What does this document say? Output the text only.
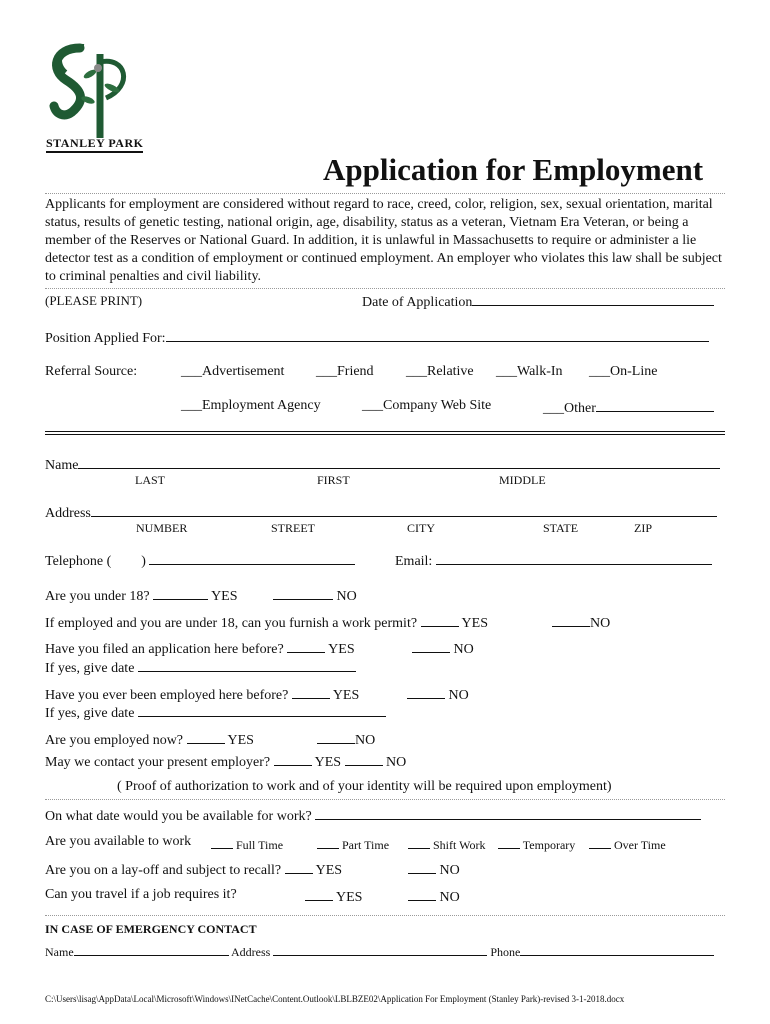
STANLEY PARK
Application for Employment
Applicants for employment are considered without regard to race, creed, color, religion, sex, sexual orientation, marital status, results of genetic testing, national origin, age, disability, status as a veteran, Vietnam Era Veteran, or being a member of the Reserves or National Guard. In addition, it is unlawful in Massachusetts to require or administer a lie detector test as a condition of employment or continued employment. An employer who violates this law shall be subject to criminal penalties and civil liability.
(PLEASE PRINT)	Date of Application
Position Applied For:
Referral Source:	___Advertisement ___Friend ___Relative ___Walk-In ___On-Line
___Employment Agency	___Company Web Site	___Other
Name
LAST	FIRST	MIDDLE
Address
NUMBER	STREET	CITY	STATE	ZIP
Telephone ( )	Email:
Are you under 18?	YES	NO
If employed and you are under 18, can you furnish a work permit?	YES	NO
Have you filed an application here before?	YES	NO
If yes, give date
Have you ever been employed here before?	YES	NO
If yes, give date
Are you employed now?	YES	NO
May we contact your present employer?	YES	NO
( Proof of authorization to work and of your identity will be required upon employment)
On what date would you be available for work?
Are you available to work	Full Time	Part Time	Shift Work	Temporary	Over Time
Are you on a lay-off and subject to recall? YES	NO
Can you travel if a job requires it?	YES	NO
IN CASE OF EMERGENCY CONTACT
Name	Address	Phone
C:\Users\lisag\AppData\Local\Microsoft\Windows\INetCache\Content.Outlook\LBLBZE02\Application For Employment (Stanley Park)-revised 3-1-2018.docx
